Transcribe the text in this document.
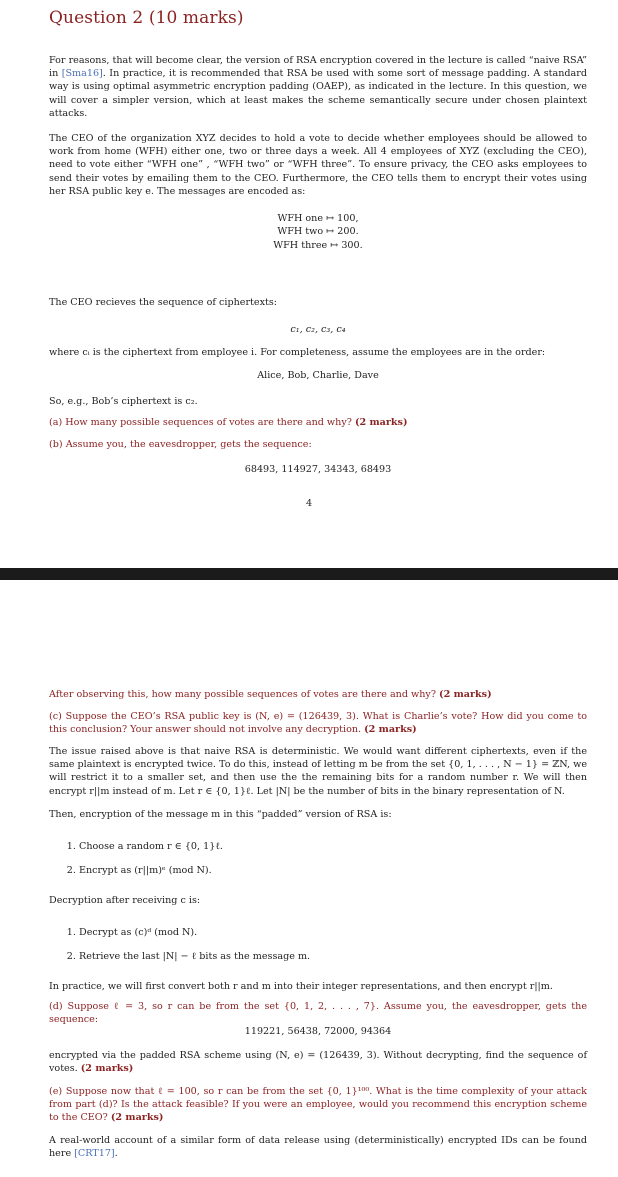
Question 2 (10 marks)

For reasons, that will become clear, the version of RSA encryption covered in the lecture is called “naive RSA” in [Sma16]. In practice, it is recommended that RSA be used with some sort of message padding. A standard way is using optimal asymmetric encryption padding (OAEP), as indicated in the lecture. In this question, we will cover a simpler version, which at least makes the scheme semantically secure under chosen plaintext attacks.

The CEO of the organization XYZ decides to hold a vote to decide whether employees should be allowed to work from home (WFH) either one, two or three days a week. All 4 employees of XYZ (excluding the CEO), need to vote either “WFH one” , “WFH two” or “WFH three”. To ensure privacy, the CEO asks employees to send their votes by emailing them to the CEO. Furthermore, the CEO tells them to encrypt their votes using her RSA public key e. The messages are encoded as:

WFH one ↦ 100,
WFH two ↦ 200.
WFH three ↦ 300.

The CEO recieves the sequence of ciphertexts:

c₁, c₂, c₃, c₄

where cᵢ is the ciphertext from employee i. For completeness, assume the employees are in the order:

Alice, Bob, Charlie, Dave

So, e.g., Bob’s ciphertext is c₂.

(a) How many possible sequences of votes are there and why? (2 marks)

(b) Assume you, the eavesdropper, gets the sequence:

68493, 114927, 34343, 68493
4

After observing this, how many possible sequences of votes are there and why? (2 marks)

(c) Suppose the CEO’s RSA public key is (N, e) = (126439, 3). What is Charlie’s vote? How did you come to this conclusion? Your answer should not involve any decryption. (2 marks)

The issue raised above is that naive RSA is deterministic. We would want different ciphertexts, even if the same plaintext is encrypted twice. To do this, instead of letting m be from the set {0, 1, . . . , N − 1} = ℤN, we will restrict it to a smaller set, and then use the the remaining bits for a random number r. We will then encrypt r||m instead of m. Let r ∈ {0, 1}ℓ. Let |N| be the number of bits in the binary representation of N.

Then, encryption of the message m in this “padded” version of RSA is:

1. Choose a random r ∈ {0, 1}ℓ.
2. Encrypt as (r||m)ᵉ (mod N).

Decryption after receiving c is:

1. Decrypt as (c)ᵈ (mod N).
2. Retrieve the last |N| − ℓ bits as the message m.

In practice, we will first convert both r and m into their integer representations, and then encrypt r||m.

(d) Suppose ℓ = 3, so r can be from the set {0, 1, 2, . . . , 7}. Assume you, the eavesdropper, gets the sequence:

119221, 56438, 72000, 94364

encrypted via the padded RSA scheme using (N, e) = (126439, 3). Without decrypting, find the sequence of votes. (2 marks)

(e) Suppose now that ℓ = 100, so r can be from the set {0, 1}¹⁰⁰. What is the time complexity of your attack from part (d)? Is the attack feasible? If you were an employee, would you recommend this encryption scheme to the CEO? (2 marks)

A real-world account of a similar form of data release using (deterministically) encrypted IDs can be found here [CRT17].
